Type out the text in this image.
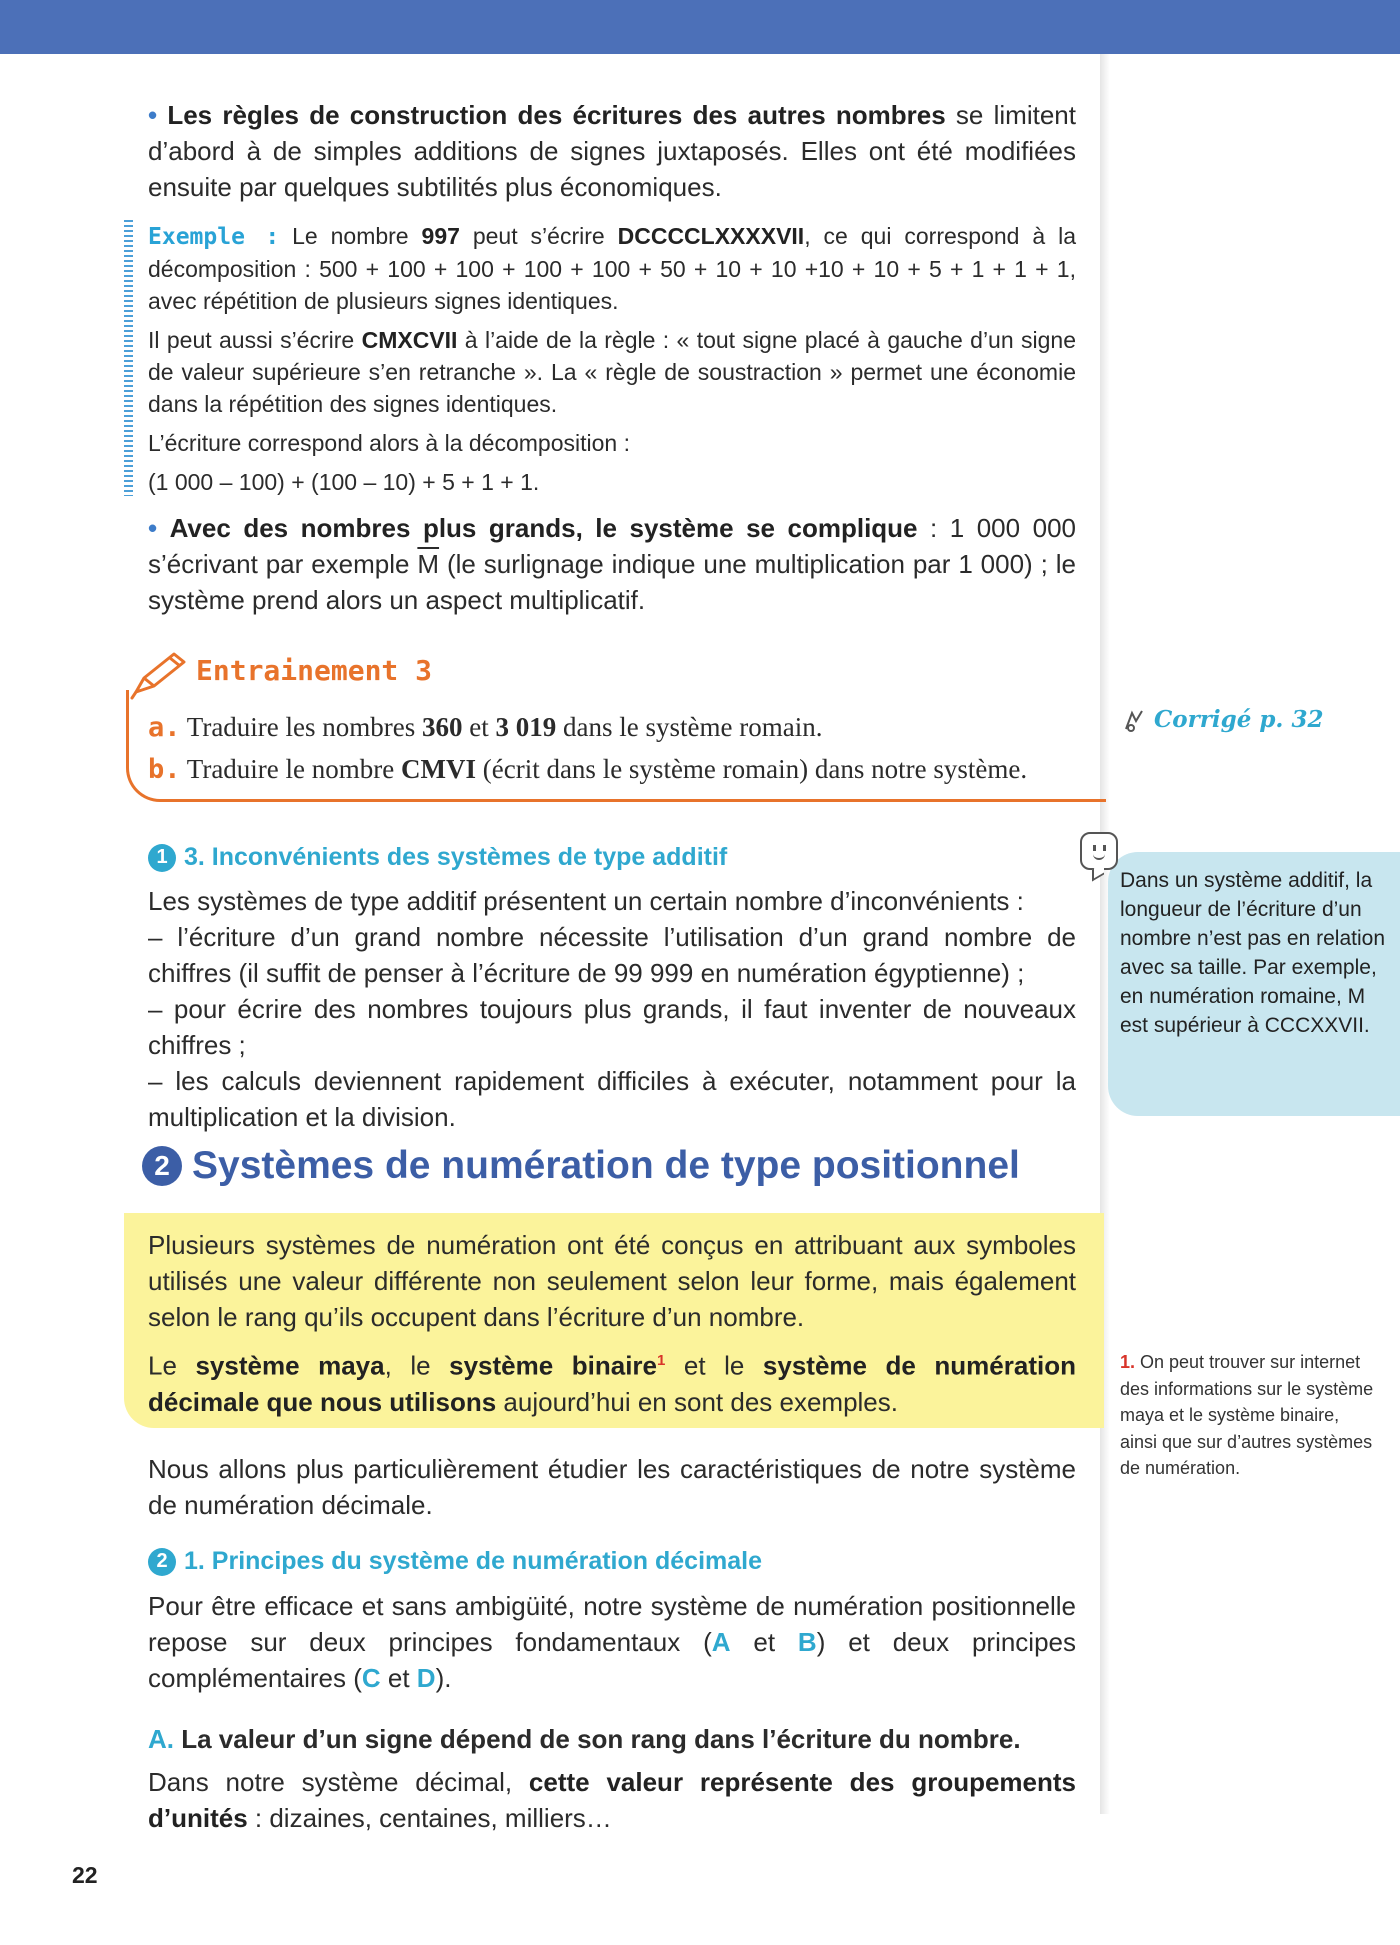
• Les règles de construction des écritures des autres nombres se limitent d’abord à de simples additions de signes juxtaposés. Elles ont été modifiées ensuite par quelques subtilités plus économiques.
Exemple : Le nombre 997 peut s’écrire DCCCCLXXXXVII, ce qui correspond à la décomposition : 500 + 100 + 100 + 100 + 100 + 50 + 10 + 10 +10 + 10 + 5 + 1 + 1 + 1, avec répétition de plusieurs signes identiques.
Il peut aussi s’écrire CMXCVII à l’aide de la règle : « tout signe placé à gauche d’un signe de valeur supérieure s’en retranche ». La « règle de soustraction » permet une économie dans la répétition des signes identiques.
L’écriture correspond alors à la décomposition :
(1 000 – 100) + (100 – 10) + 5 + 1 + 1.
• Avec des nombres plus grands, le système se complique : 1 000 000 s’écrivant par exemple $\overline{M}$ (le surlignage indique une multiplication par 1 000) ; le système prend alors un aspect multiplicatif.
Entrainement 3
a. Traduire les nombres 360 et 3 019 dans le système romain.
b. Traduire le nombre CMVI (écrit dans le système romain) dans notre système.
Corrigé p. 32
1 3. Inconvénients des systèmes de type additif
Les systèmes de type additif présentent un certain nombre d’inconvénients :
– l’écriture d’un grand nombre nécessite l’utilisation d’un grand nombre de chiffres (il suffit de penser à l’écriture de 99 999 en numération égyptienne) ;
– pour écrire des nombres toujours plus grands, il faut inventer de nouveaux chiffres ;
– les calculs deviennent rapidement difficiles à exécuter, notamment pour la multiplication et la division.
Dans un système additif, la longueur de l’écriture d’un nombre n’est pas en relation avec sa taille. Par exemple, en numération romaine, M est supérieur à CCCXXVII.
2 Systèmes de numération de type positionnel
Plusieurs systèmes de numération ont été conçus en attribuant aux symboles utilisés une valeur différente non seulement selon leur forme, mais également selon le rang qu’ils occupent dans l’écriture d’un nombre.
Le système maya, le système binaire$^1$ et le système de numération décimale que nous utilisons aujourd’hui en sont des exemples.
Nous allons plus particulièrement étudier les caractéristiques de notre système de numération décimale.
1. On peut trouver sur internet des informations sur le système maya et le système binaire, ainsi que sur d’autres systèmes de numération.
2 1. Principes du système de numération décimale
Pour être efficace et sans ambigüité, notre système de numération positionnelle repose sur deux principes fondamentaux (A et B) et deux principes complémentaires (C et D).
A. La valeur d’un signe dépend de son rang dans l’écriture du nombre.
Dans notre système décimal, cette valeur représente des groupements d’unités : dizaines, centaines, milliers…
22
